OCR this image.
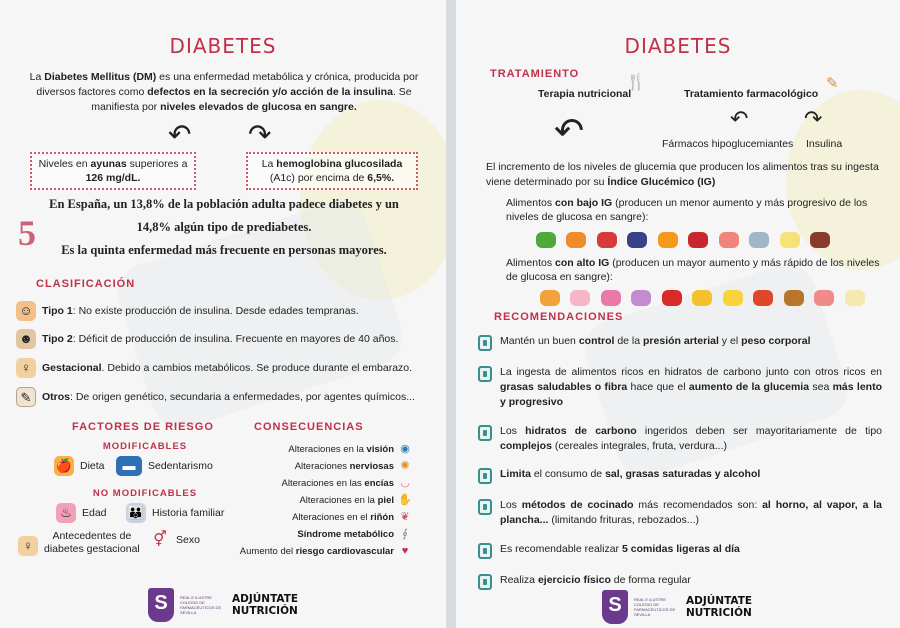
DIABETES
La Diabetes Mellitus (DM) es una enfermedad metabólica y crónica, producida por diversos factores como defectos en la secreción y/o acción de la insulina. Se manifiesta por niveles elevados de glucosa en sangre.
↶ ↷
Niveles en ayunas superiores a
126 mg/dL.
La hemoglobina glucosilada
(A1c) por encima de 6,5%.
5
En España, un 13,8% de la población adulta padece diabetes y un
14,8% algún tipo de prediabetes.
Es la quinta enfermedad más frecuente en personas mayores.
CLASIFICACIÓN
☺ Tipo 1: No existe producción de insulina. Desde edades tempranas.
☻ Tipo 2: Déficit de producción de insulina. Frecuente en mayores de 40 años.
♀	Gestacional. Debido a cambios metabólicos. Se produce durante el embarazo.
✎	Otros: De origen genético, secundaria a enfermedades, por agentes químicos...
FACTORES DE RIESGO
MODIFICABLES
🍎 Dieta	▬	Sedentarismo
NO MODIFICABLES
♨ Edad 👪 Historia familiar
♀
Antecedentes de
diabetes gestacional
⚥ Sexo
CONSECUENCIAS
Alteraciones en la visión ◉
Alteraciones nerviosas ✺
Alteraciones en las encías ◡
Alteraciones en la piel ✋
Alteraciones en el riñón ❦
Síndrome metabólico ∮
Aumento del riesgo cardiovascular ♥
S	REAL E ILUSTRE COLEGIO DE FARMACÉUTICOS DE SEVILLA
ADJÚNTATE
NUTRICIÓN
DIABETES
TRATAMIENTO
Terapia nutricional
🍴
Tratamiento farmacológico
✎
↶	↶	↷
Fármacos hipoglucemiantes Insulina
El incremento de los niveles de glucemia que producen los alimentos tras su ingesta viene determinado por su Índice Glucémico (IG)
Alimentos con bajo IG (producen un menor aumento y más progresivo de los niveles de glucosa en sangre):

Alimentos con alto IG (producen un mayor aumento y más rápido de los niveles de glucosa en sangre):

RECOMENDACIONES
Mantén un buen control de la presión arterial y el peso corporal
La ingesta de alimentos ricos en hidratos de carbono junto con otros ricos en grasas saludables o fibra hace que el aumento de la glucemia sea más lento y progresivo
Los hidratos de carbono ingeridos deben ser mayoritariamente de tipo complejos (cereales integrales, fruta, verdura...)
Limita el consumo de sal, grasas saturadas y alcohol
Los métodos de cocinado más recomendados son: al horno, al vapor, a la plancha... (limitando frituras, rebozados...)
Es recomendable realizar 5 comidas ligeras al día
Realiza ejercicio físico de forma regular
S	REAL E ILUSTRE COLEGIO DE FARMACÉUTICOS DE SEVILLA
ADJÚNTATE
NUTRICIÓN
